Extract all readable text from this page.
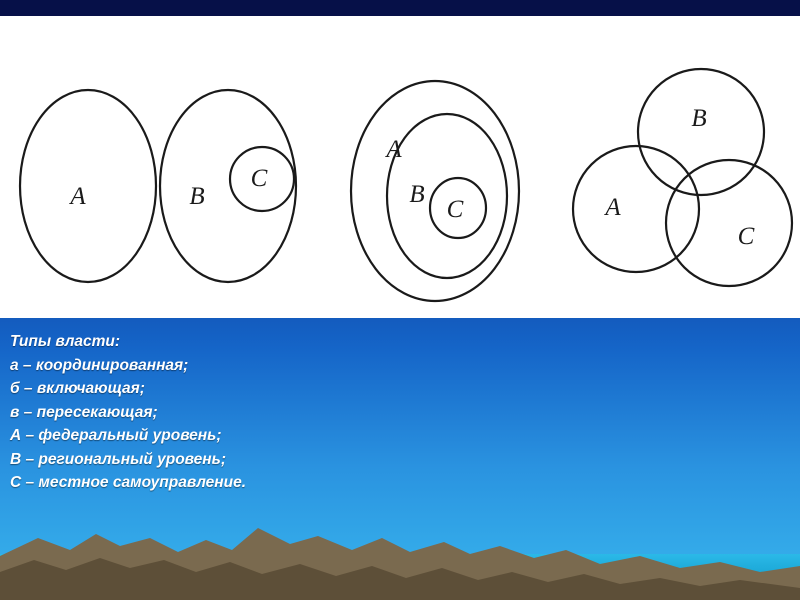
А	В
С
А
В
С	А
В
С
Типы власти:
а – координированная;
б – включающая;
в – пересекающая;
А – федеральный уровень;
В – региональный уровень;
С – местное самоуправление.
